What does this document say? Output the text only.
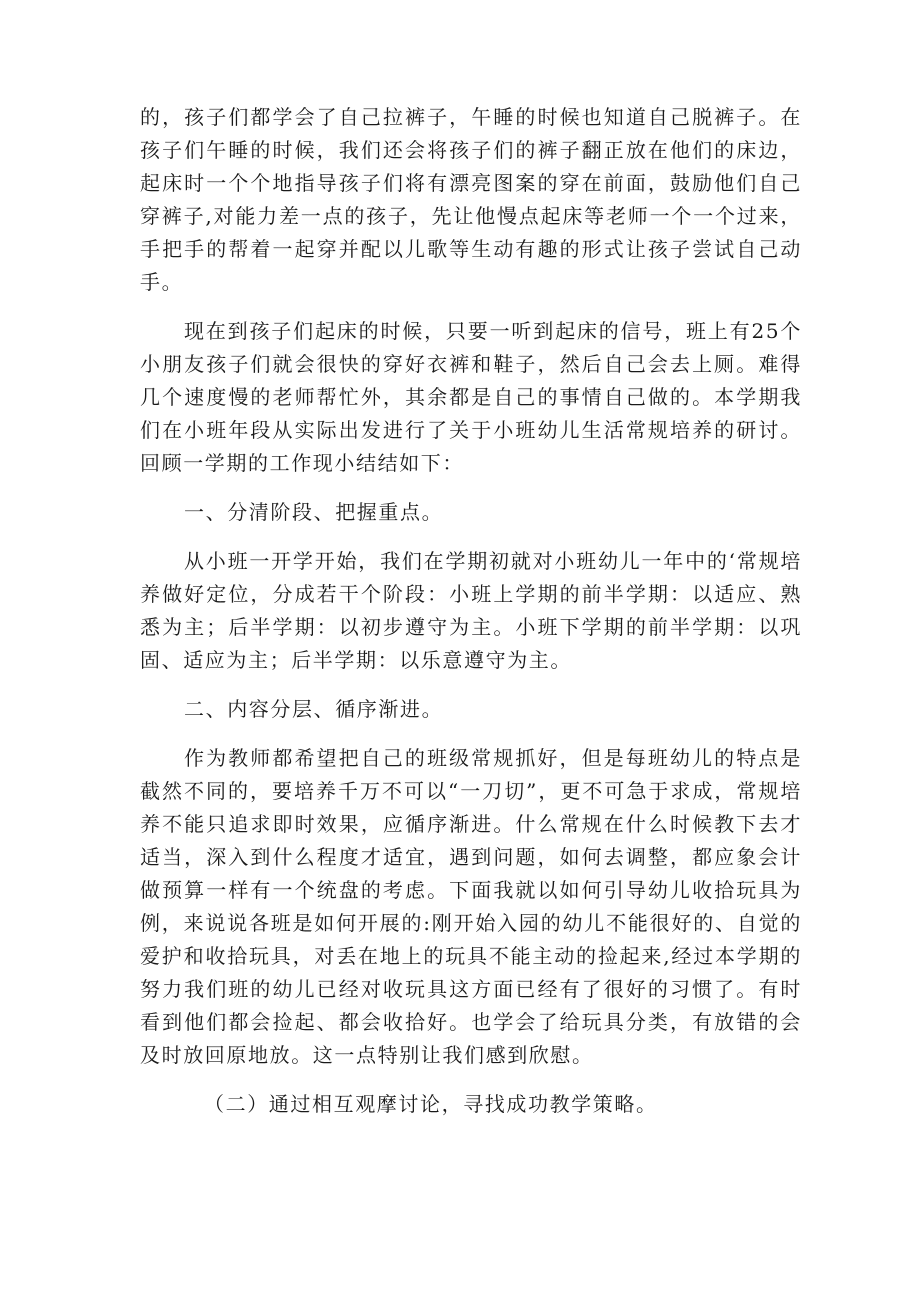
的，孩子们都学会了自己拉裤子，午睡的时候也知道自己脱裤子。在孩子们午睡的时候，我们还会将孩子们的裤子翻正放在他们的床边，起床时一个个地指导孩子们将有漂亮图案的穿在前面，鼓励他们自己穿裤子,对能力差一点的孩子，先让他慢点起床等老师一个一个过来，手把手的帮着一起穿并配以儿歌等生动有趣的形式让孩子尝试自己动手。

现在到孩子们起床的时候，只要一听到起床的信号，班上有25个小朋友孩子们就会很快的穿好衣裤和鞋子，然后自己会去上厕。难得几个速度慢的老师帮忙外，其余都是自己的事情自己做的。本学期我们在小班年段从实际出发进行了关于小班幼儿生活常规培养的研讨。回顾一学期的工作现小结结如下：

一、分清阶段、把握重点。

从小班一开学开始，我们在学期初就对小班幼儿一年中的‘常规培养做好定位，分成若干个阶段：小班上学期的前半学期：以适应、熟悉为主；后半学期：以初步遵守为主。小班下学期的前半学期：以巩固、适应为主；后半学期：以乐意遵守为主。

二、内容分层、循序渐进。

作为教师都希望把自己的班级常规抓好，但是每班幼儿的特点是截然不同的，要培养千万不可以“一刀切”，更不可急于求成，常规培养不能只追求即时效果，应循序渐进。什么常规在什么时候教下去才适当，深入到什么程度才适宜，遇到问题，如何去调整，都应象会计做预算一样有一个统盘的考虑。下面我就以如何引导幼儿收拾玩具为例，来说说各班是如何开展的:刚开始入园的幼儿不能很好的、自觉的爱护和收拾玩具，对丢在地上的玩具不能主动的捡起来,经过本学期的努力我们班的幼儿已经对收玩具这方面已经有了很好的习惯了。有时看到他们都会捡起、都会收拾好。也学会了给玩具分类，有放错的会及时放回原地放。这一点特别让我们感到欣慰。

（二）通过相互观摩讨论，寻找成功教学策略。
